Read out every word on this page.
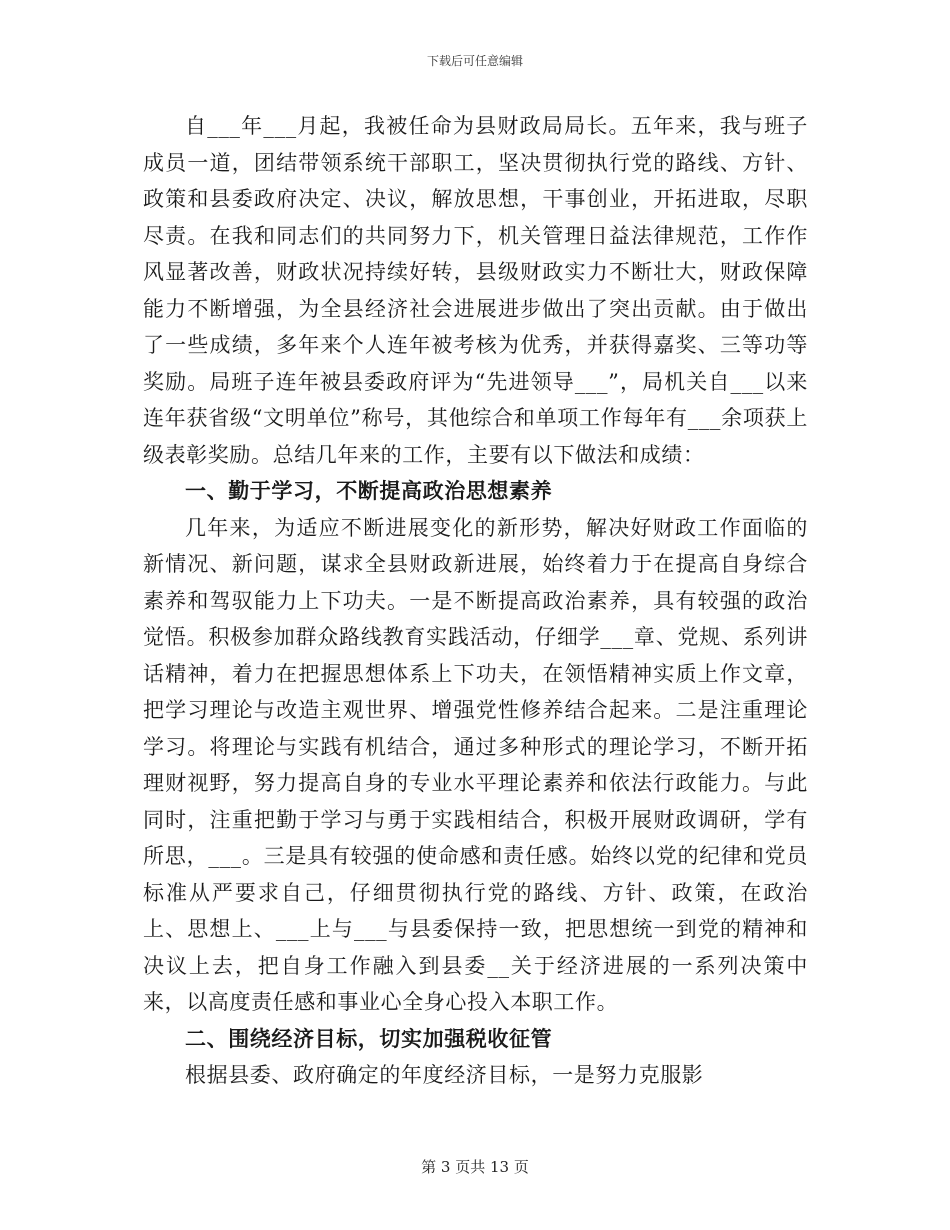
下载后可任意编辑

自___年___月起，我被任命为县财政局局长。五年来，我与班子成员一道，团结带领系统干部职工，坚决贯彻执行党的路线、方针、政策和县委政府决定、决议，解放思想，干事创业，开拓进取，尽职尽责。在我和同志们的共同努力下，机关管理日益法律规范，工作作风显著改善，财政状况持续好转，县级财政实力不断壮大，财政保障能力不断增强，为全县经济社会进展进步做出了突出贡献。由于做出了一些成绩，多年来个人连年被考核为优秀，并获得嘉奖、三等功等奖励。局班子连年被县委政府评为“先进领导___”，局机关自___以来连年获省级“文明单位”称号，其他综合和单项工作每年有___余项获上级表彰奖励。总结几年来的工作，主要有以下做法和成绩：

一、勤于学习，不断提高政治思想素养

几年来，为适应不断进展变化的新形势，解决好财政工作面临的新情况、新问题，谋求全县财政新进展，始终着力于在提高自身综合素养和驾驭能力上下功夫。一是不断提高政治素养，具有较强的政治觉悟。积极参加群众路线教育实践活动，仔细学___章、党规、系列讲话精神，着力在把握思想体系上下功夫，在领悟精神实质上作文章，把学习理论与改造主观世界、增强党性修养结合起来。二是注重理论学习。将理论与实践有机结合，通过多种形式的理论学习，不断开拓理财视野，努力提高自身的专业水平理论素养和依法行政能力。与此同时，注重把勤于学习与勇于实践相结合，积极开展财政调研，学有所思，___。三是具有较强的使命感和责任感。始终以党的纪律和党员标准从严要求自己，仔细贯彻执行党的路线、方针、政策，在政治上、思想上、___上与___与县委保持一致，把思想统一到党的精神和决议上去，把自身工作融入到县委__关于经济进展的一系列决策中来，以高度责任感和事业心全身心投入本职工作。

二、围绕经济目标，切实加强税收征管

根据县委、政府确定的年度经济目标，一是努力克服影

第 3 页共 13 页
